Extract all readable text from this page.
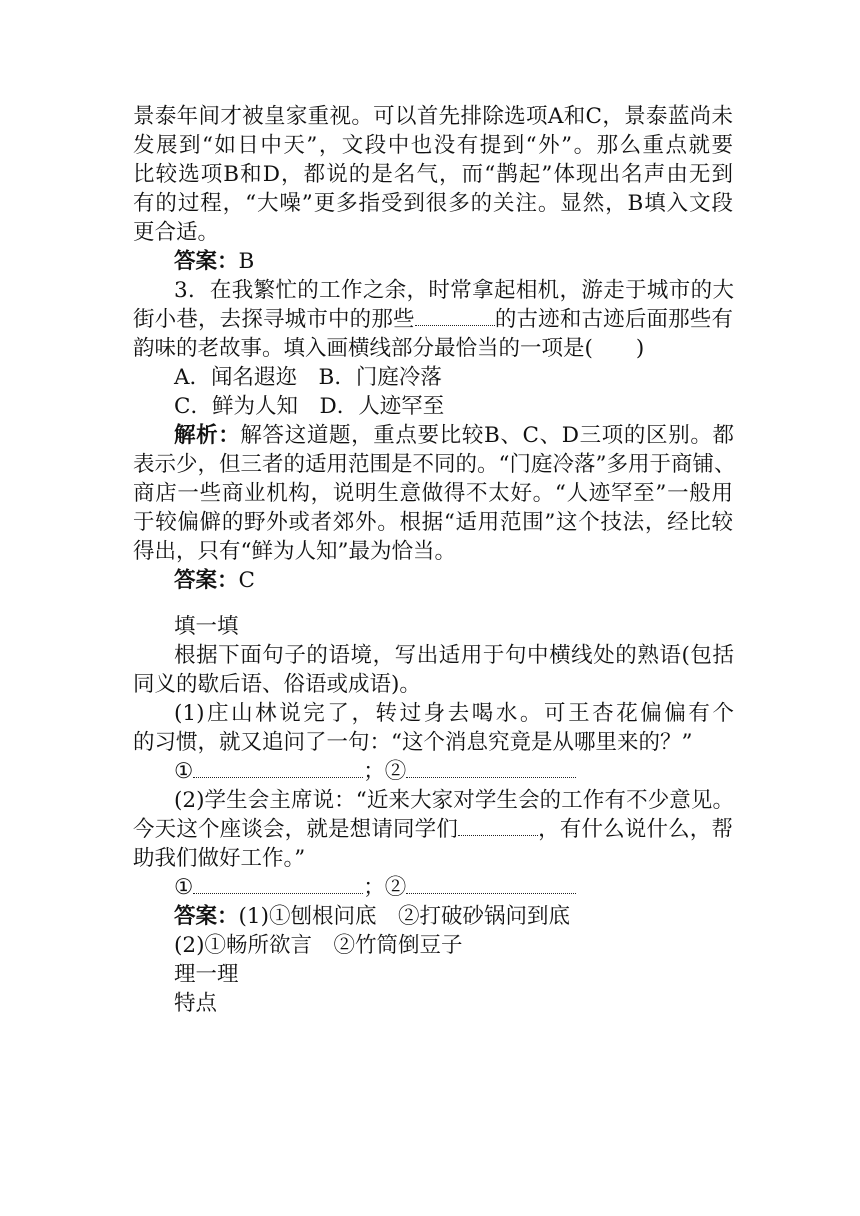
景泰年间才被皇家重视。可以首先排除选项A和C，景泰蓝尚未
发展到“如日中天”，文段中也没有提到“外”。那么重点就要
比较选项B和D，都说的是名气，而“鹊起”体现出名声由无到
有的过程，“大噪”更多指受到很多的关注。显然，B填入文段
更合适。
答案：B
3．在我繁忙的工作之余，时常拿起相机，游走于城市的大
街小巷，去探寻城市中的那些	的古迹和古迹后面那些有
韵味的老故事。填入画横线部分最恰当的一项是(　　)
A．闻名遐迩　B．门庭冷落
C．鲜为人知　D．人迹罕至
解析：解答这道题，重点要比较B、C、D三项的区别。都
表示少，但三者的适用范围是不同的。“门庭冷落”多用于商铺、
商店一些商业机构，说明生意做得不太好。“人迹罕至”一般用
于较偏僻的野外或者郊外。根据“适用范围”这个技法，经比较
得出，只有“鲜为人知”最为恰当。
答案：C
填一填
根据下面句子的语境，写出适用于句中横线处的熟语(包括
同义的歇后语、俗语或成语)。
(1)庄山林说完了，转过身去喝水。可王杏花偏偏有个
的习惯，就又追问了一句：“这个消息究竟是从哪里来的？”
①	；②
(2)学生会主席说：“近来大家对学生会的工作有不少意见。
今天这个座谈会，就是想请同学们	，有什么说什么，帮
助我们做好工作。”
①	；②
答案：(1)①刨根问底　②打破砂锅问到底
(2)①畅所欲言　②竹筒倒豆子
理一理
特点
